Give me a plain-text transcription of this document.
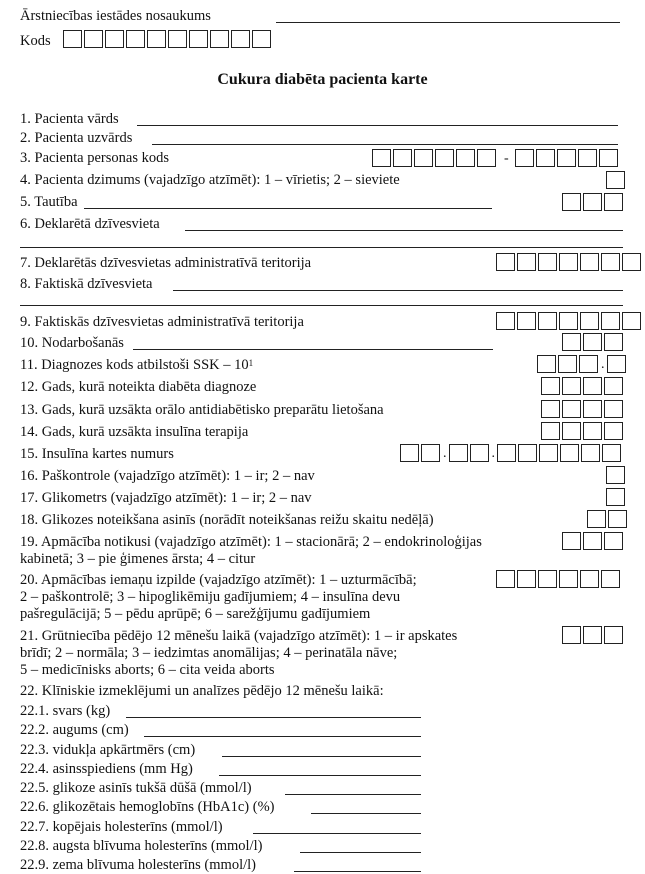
Ārstniecības iestādes nosaukums
Kods
Cukura diabēta pacienta karte
1. Pacienta vārds
2. Pacienta uzvārds
3. Pacienta personas kods	-
4. Pacienta dzimums (vajadzīgo atzīmēt): 1 – vīrietis; 2 – sieviete
5. Tautība
6. Deklarētā dzīvesvieta
7. Deklarētās dzīvesvietas administratīvā teritorija
8. Faktiskā dzīvesvieta
9. Faktiskās dzīvesvietas administratīvā teritorija
10. Nodarbošanās
11. Diagnozes kods atbilstoši SSK – $10^1$	.
12. Gads, kurā noteikta diabēta diagnoze
13. Gads, kurā uzsākta orālo antidiabētisko preparātu lietošana
14. Gads, kurā uzsākta insulīna terapija
15. Insulīna kartes numurs	.	.
16. Paškontrole (vajadzīgo atzīmēt): 1 – ir; 2 – nav
17. Glikometrs (vajadzīgo atzīmēt): 1 – ir; 2 – nav
18. Glikozes noteikšana asinīs (norādīt noteikšanas reižu skaitu nedēļā)
19. Apmācība notikusi (vajadzīgo atzīmēt): 1 – stacionārā; 2 – endokrinoloģijas
kabinetā; 3 – pie ģimenes ārsta; 4 – citur
20. Apmācības iemaņu izpilde (vajadzīgo atzīmēt): 1 – uzturmācībā;
2 – paškontrolē; 3 – hipoglikēmiju gadījumiem; 4 – insulīna devu
pašregulācijā; 5 – pēdu aprūpē; 6 – sarežģījumu gadījumiem
21. Grūtniecība pēdējo 12 mēnešu laikā (vajadzīgo atzīmēt): 1 – ir apskates
brīdī; 2 – normāla; 3 – iedzimtas anomālijas; 4 – perinatāla nāve;
5 – medicīnisks aborts; 6 – cita veida aborts
22. Klīniskie izmeklējumi un analīzes pēdējo 12 mēnešu laikā:
22.1. svars (kg)
22.2. augums (cm)
22.3. vidukļa apkārtmērs (cm)
22.4. asinsspiediens (mm Hg)
22.5. glikoze asinīs tukšā dūšā (mmol/l)
22.6. glikozētais hemoglobīns (HbA1c) (%)
22.7. kopējais holesterīns (mmol/l)
22.8. augsta blīvuma holesterīns (mmol/l)
22.9. zema blīvuma holesterīns (mmol/l)
